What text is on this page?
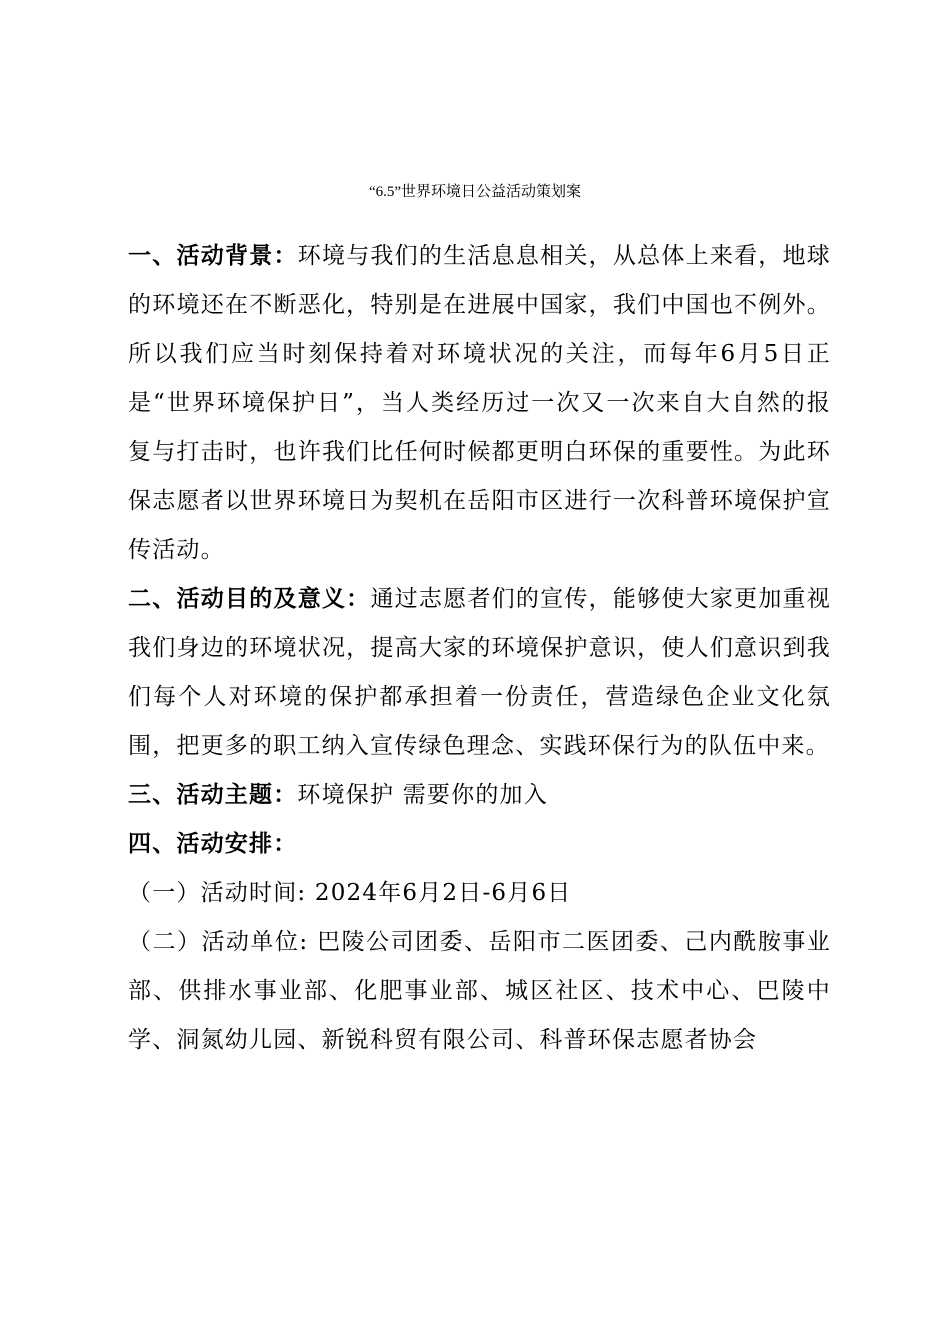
“6.5”世界环境日公益活动策划案

一、活动背景：环境与我们的生活息息相关，从总体上来看，地球的环境还在不断恶化，特别是在进展中国家，我们中国也不例外。所以我们应当时刻保持着对环境状况的关注，而每年6月5日正是“世界环境保护日”，当人类经历过一次又一次来自大自然的报复与打击时，也许我们比任何时候都更明白环保的重要性。为此环保志愿者以世界环境日为契机在岳阳市区进行一次科普环境保护宣传活动。

二、活动目的及意义：通过志愿者们的宣传，能够使大家更加重视我们身边的环境状况，提高大家的环境保护意识，使人们意识到我们每个人对环境的保护都承担着一份责任，营造绿色企业文化氛围，把更多的职工纳入宣传绿色理念、实践环保行为的队伍中来。

三、活动主题：环境保护 需要你的加入

四、活动安排：

（一）活动时间: 2024年6月2日-6月6日

（二）活动单位: 巴陵公司团委、岳阳市二医团委、己内酰胺事业部、供排水事业部、化肥事业部、城区社区、技术中心、巴陵中学、洞氮幼儿园、新锐科贸有限公司、科普环保志愿者协会
